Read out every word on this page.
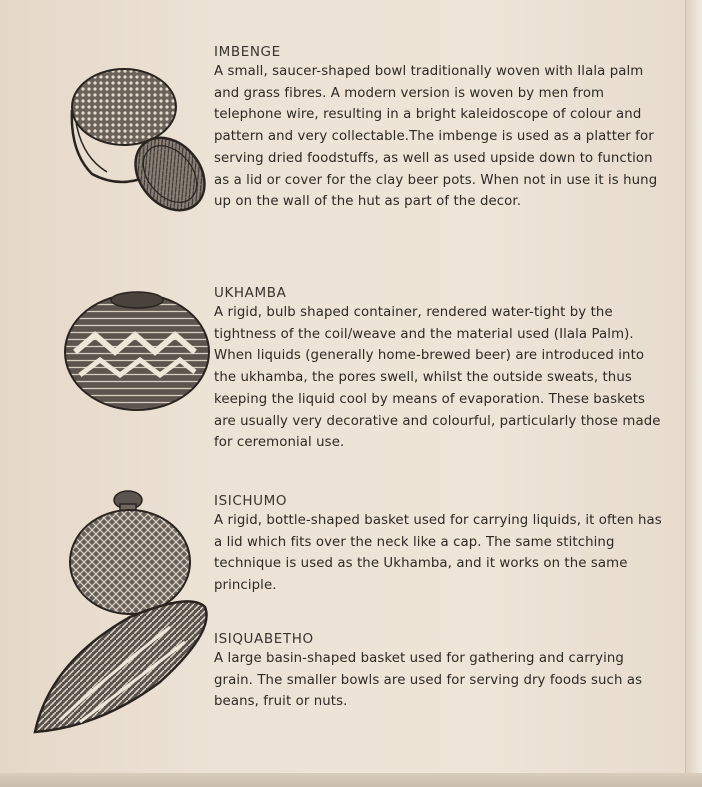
IMBENGE

A small, saucer-shaped bowl traditionally woven with Ilala palm and grass fibres. A modern version is woven by men from telephone wire, resulting in a bright kaleidoscope of colour and pattern and very collectable.The imbenge is used as a platter for serving dried foodstuffs, as well as used upside down to function as a lid or cover for the clay beer pots. When not in use it is hung up on the wall of the hut as part of the decor.

UKHAMBA

A rigid, bulb shaped container, rendered water-tight by the tightness of the coil/weave and the material used (Ilala Palm). When liquids (generally home-brewed beer) are introduced into the ukhamba, the pores swell, whilst the outside sweats, thus keeping the liquid cool by means of evaporation. These baskets are usually very decorative and colourful, particularly those made for ceremonial use.

ISICHUMO

A rigid, bottle-shaped basket used for carrying liquids, it often has a lid which fits over the neck like a cap. The same stitching technique is used as the Ukhamba, and it works on the same principle.

ISIQUABETHO

A large basin-shaped basket used for gathering and carrying grain. The smaller bowls are used for serving dry foods such as beans, fruit or nuts.
